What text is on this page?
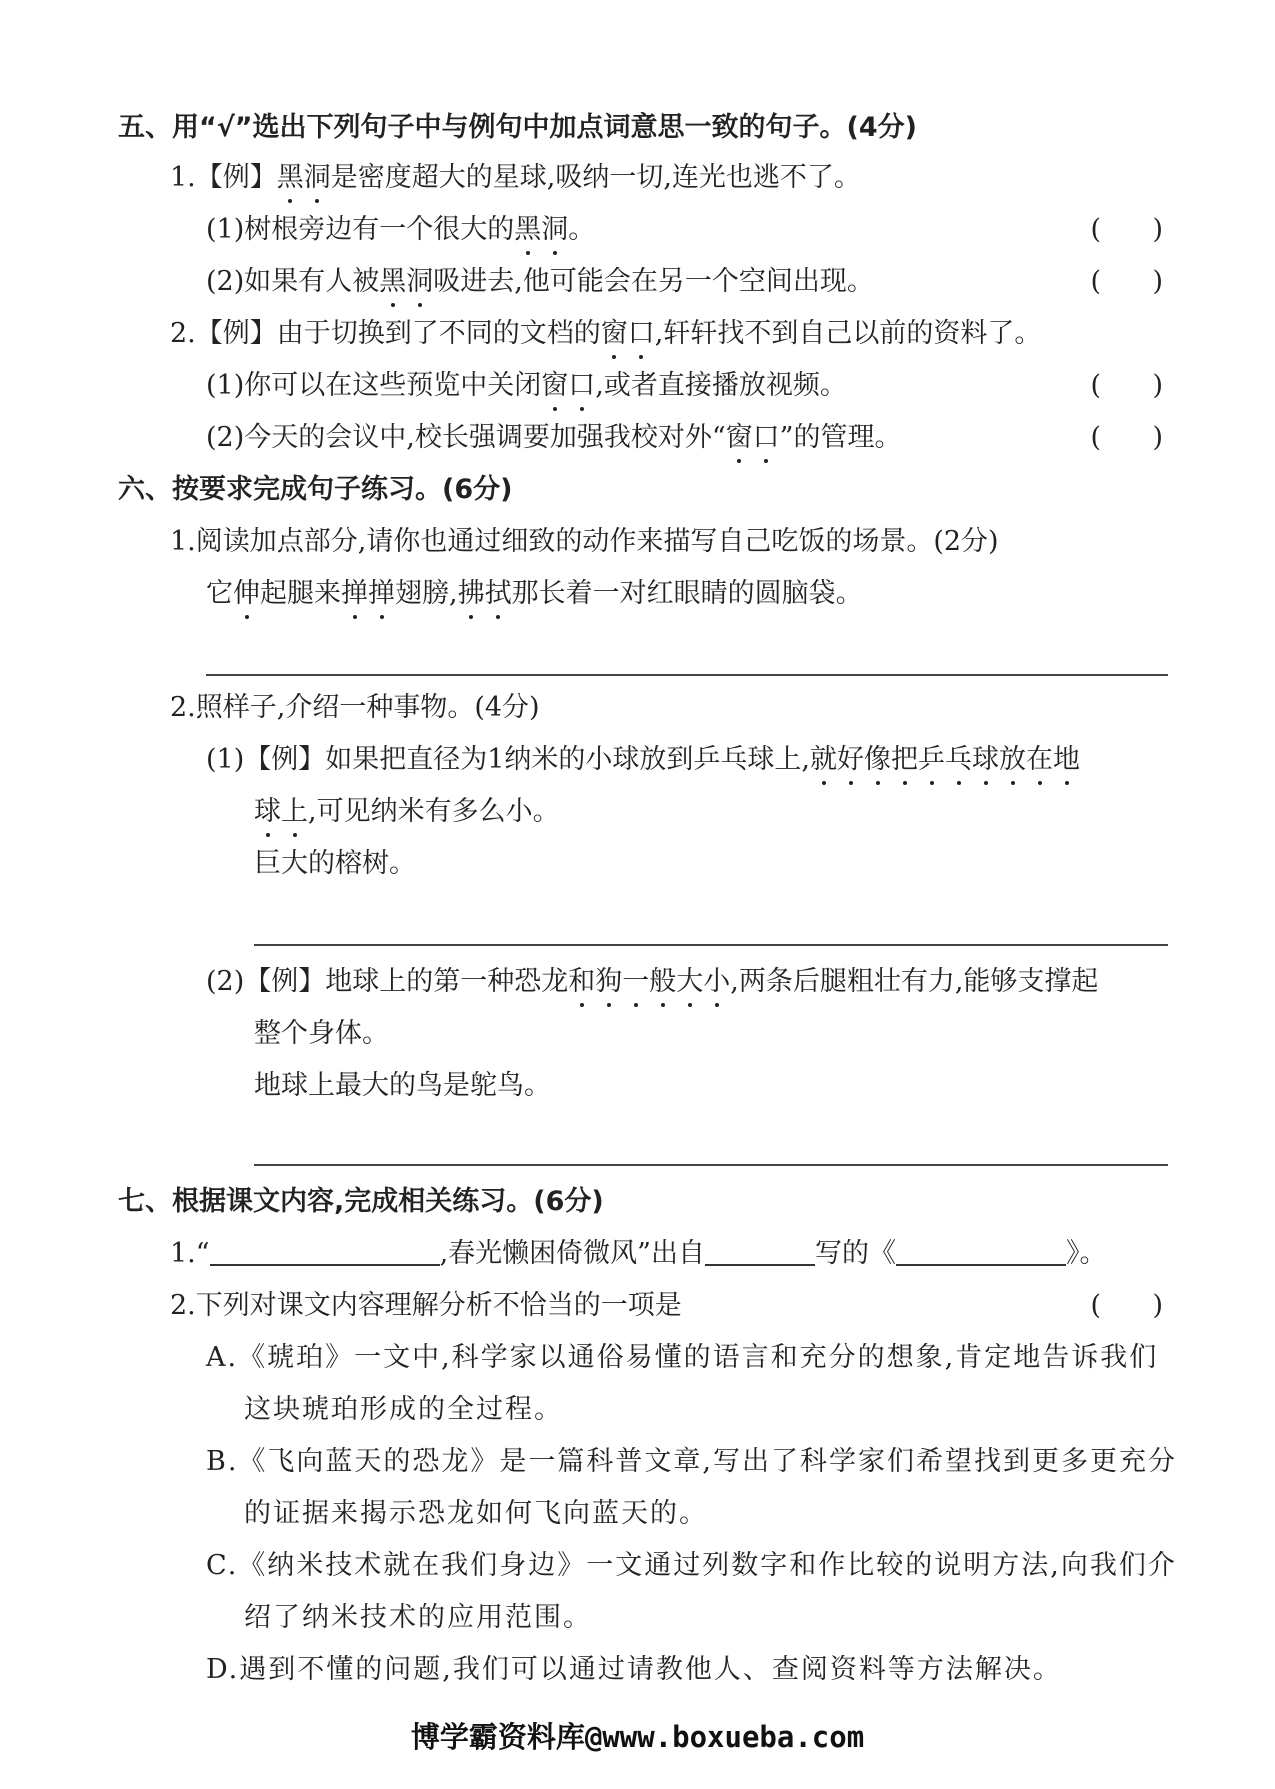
五、用“√”选出下列句子中与例句中加点词意思一致的句子。(4分)
1.【例】黑洞是密度超大的星球,吸纳一切,连光也逃不了。
(1)树根旁边有一个很大的黑洞。	(      )
(2)如果有人被黑洞吸进去,他可能会在另一个空间出现。	(      )
2.【例】由于切换到了不同的文档的窗口,轩轩找不到自己以前的资料了。
(1)你可以在这些预览中关闭窗口,或者直接播放视频。	(      )
(2)今天的会议中,校长强调要加强我校对外“窗口”的管理。	(      )
六、按要求完成句子练习。(6分)
1.阅读加点部分,请你也通过细致的动作来描写自己吃饭的场景。(2分)
它伸起腿来掸掸翅膀,拂拭那长着一对红眼睛的圆脑袋。
2.照样子,介绍一种事物。(4分)
(1)【例】如果把直径为1纳米的小球放到乒乓球上,就好像把乒乓球放在地
球上,可见纳米有多么小。
巨大的榕树。
(2)【例】地球上的第一种恐龙和狗一般大小,两条后腿粗壮有力,能够支撑起
整个身体。
地球上最大的鸟是鸵鸟。
七、根据课文内容,完成相关练习。(6分)
1.“	,春光懒困倚微风”出自	写的《	》。
2.下列对课文内容理解分析不恰当的一项是	(      )
A.《琥珀》一文中,科学家以通俗易懂的语言和充分的想象,肯定地告诉我们
这块琥珀形成的全过程。
B.《飞向蓝天的恐龙》是一篇科普文章,写出了科学家们希望找到更多更充分
的证据来揭示恐龙如何飞向蓝天的。
C.《纳米技术就在我们身边》一文通过列数字和作比较的说明方法,向我们介
绍了纳米技术的应用范围。
D.遇到不懂的问题,我们可以通过请教他人、查阅资料等方法解决。
博学霸资料库@www.boxueba.com
